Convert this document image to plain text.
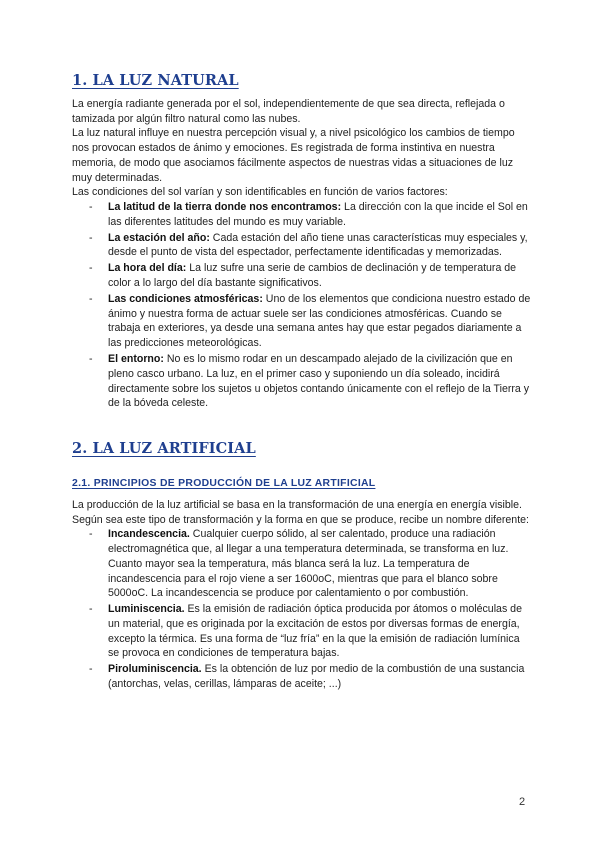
1. LA LUZ NATURAL

La energía radiante generada por el sol, independientemente de que sea directa, reflejada o tamizada por algún filtro natural como las nubes.

La luz natural influye en nuestra percepción visual y, a nivel psicológico los cambios de tiempo nos provocan estados de ánimo y emociones. Es registrada de forma instintiva en nuestra memoria, de modo que asociamos fácilmente aspectos de nuestras vidas a situaciones de luz muy determinadas.

Las condiciones del sol varían y son identificables en función de varios factores:

- La latitud de la tierra donde nos encontramos: La dirección con la que incide el Sol en las diferentes latitudes del mundo es muy variable.
- La estación del año: Cada estación del año tiene unas características muy especiales y, desde el punto de vista del espectador, perfectamente identificadas y memorizadas.
- La hora del día: La luz sufre una serie de cambios de declinación y de temperatura de color a lo largo del día bastante significativos.
- Las condiciones atmosféricas: Uno de los elementos que condiciona nuestro estado de ánimo y nuestra forma de actuar suele ser las condiciones atmosféricas. Cuando se trabaja en exteriores, ya desde una semana antes hay que estar pegados diariamente a las predicciones meteorológicas.
- El entorno: No es lo mismo rodar en un descampado alejado de la civilización que en pleno casco urbano. La luz, en el primer caso y suponiendo un día soleado, incidirá directamente sobre los sujetos u objetos contando únicamente con el reflejo de la Tierra y de la bóveda celeste.
2. LA LUZ ARTIFICIAL
2.1. PRINCIPIOS DE PRODUCCIÓN DE LA LUZ ARTIFICIAL

La producción de la luz artificial se basa en la transformación de una energía en energía visible. Según sea este tipo de transformación y la forma en que se produce, recibe un nombre diferente:

- Incandescencia. Cualquier cuerpo sólido, al ser calentado, produce una radiación electromagnética que, al llegar a una temperatura determinada, se transforma en luz. Cuanto mayor sea la temperatura, más blanca será la luz. La temperatura de incandescencia para el rojo viene a ser 1600oC, mientras que para el blanco sobre 5000oC. La incandescencia se produce por calentamiento o por combustión.
- Luminiscencia. Es la emisión de radiación óptica producida por átomos o moléculas de un material, que es originada por la excitación de estos por diversas formas de energía, excepto la térmica. Es una forma de “luz fría” en la que la emisión de radiación lumínica se provoca en condiciones de temperatura bajas.
- Piroluminiscencia. Es la obtención de luz por medio de la combustión de una sustancia (antorchas, velas, cerillas, lámparas de aceite; ...)
2
